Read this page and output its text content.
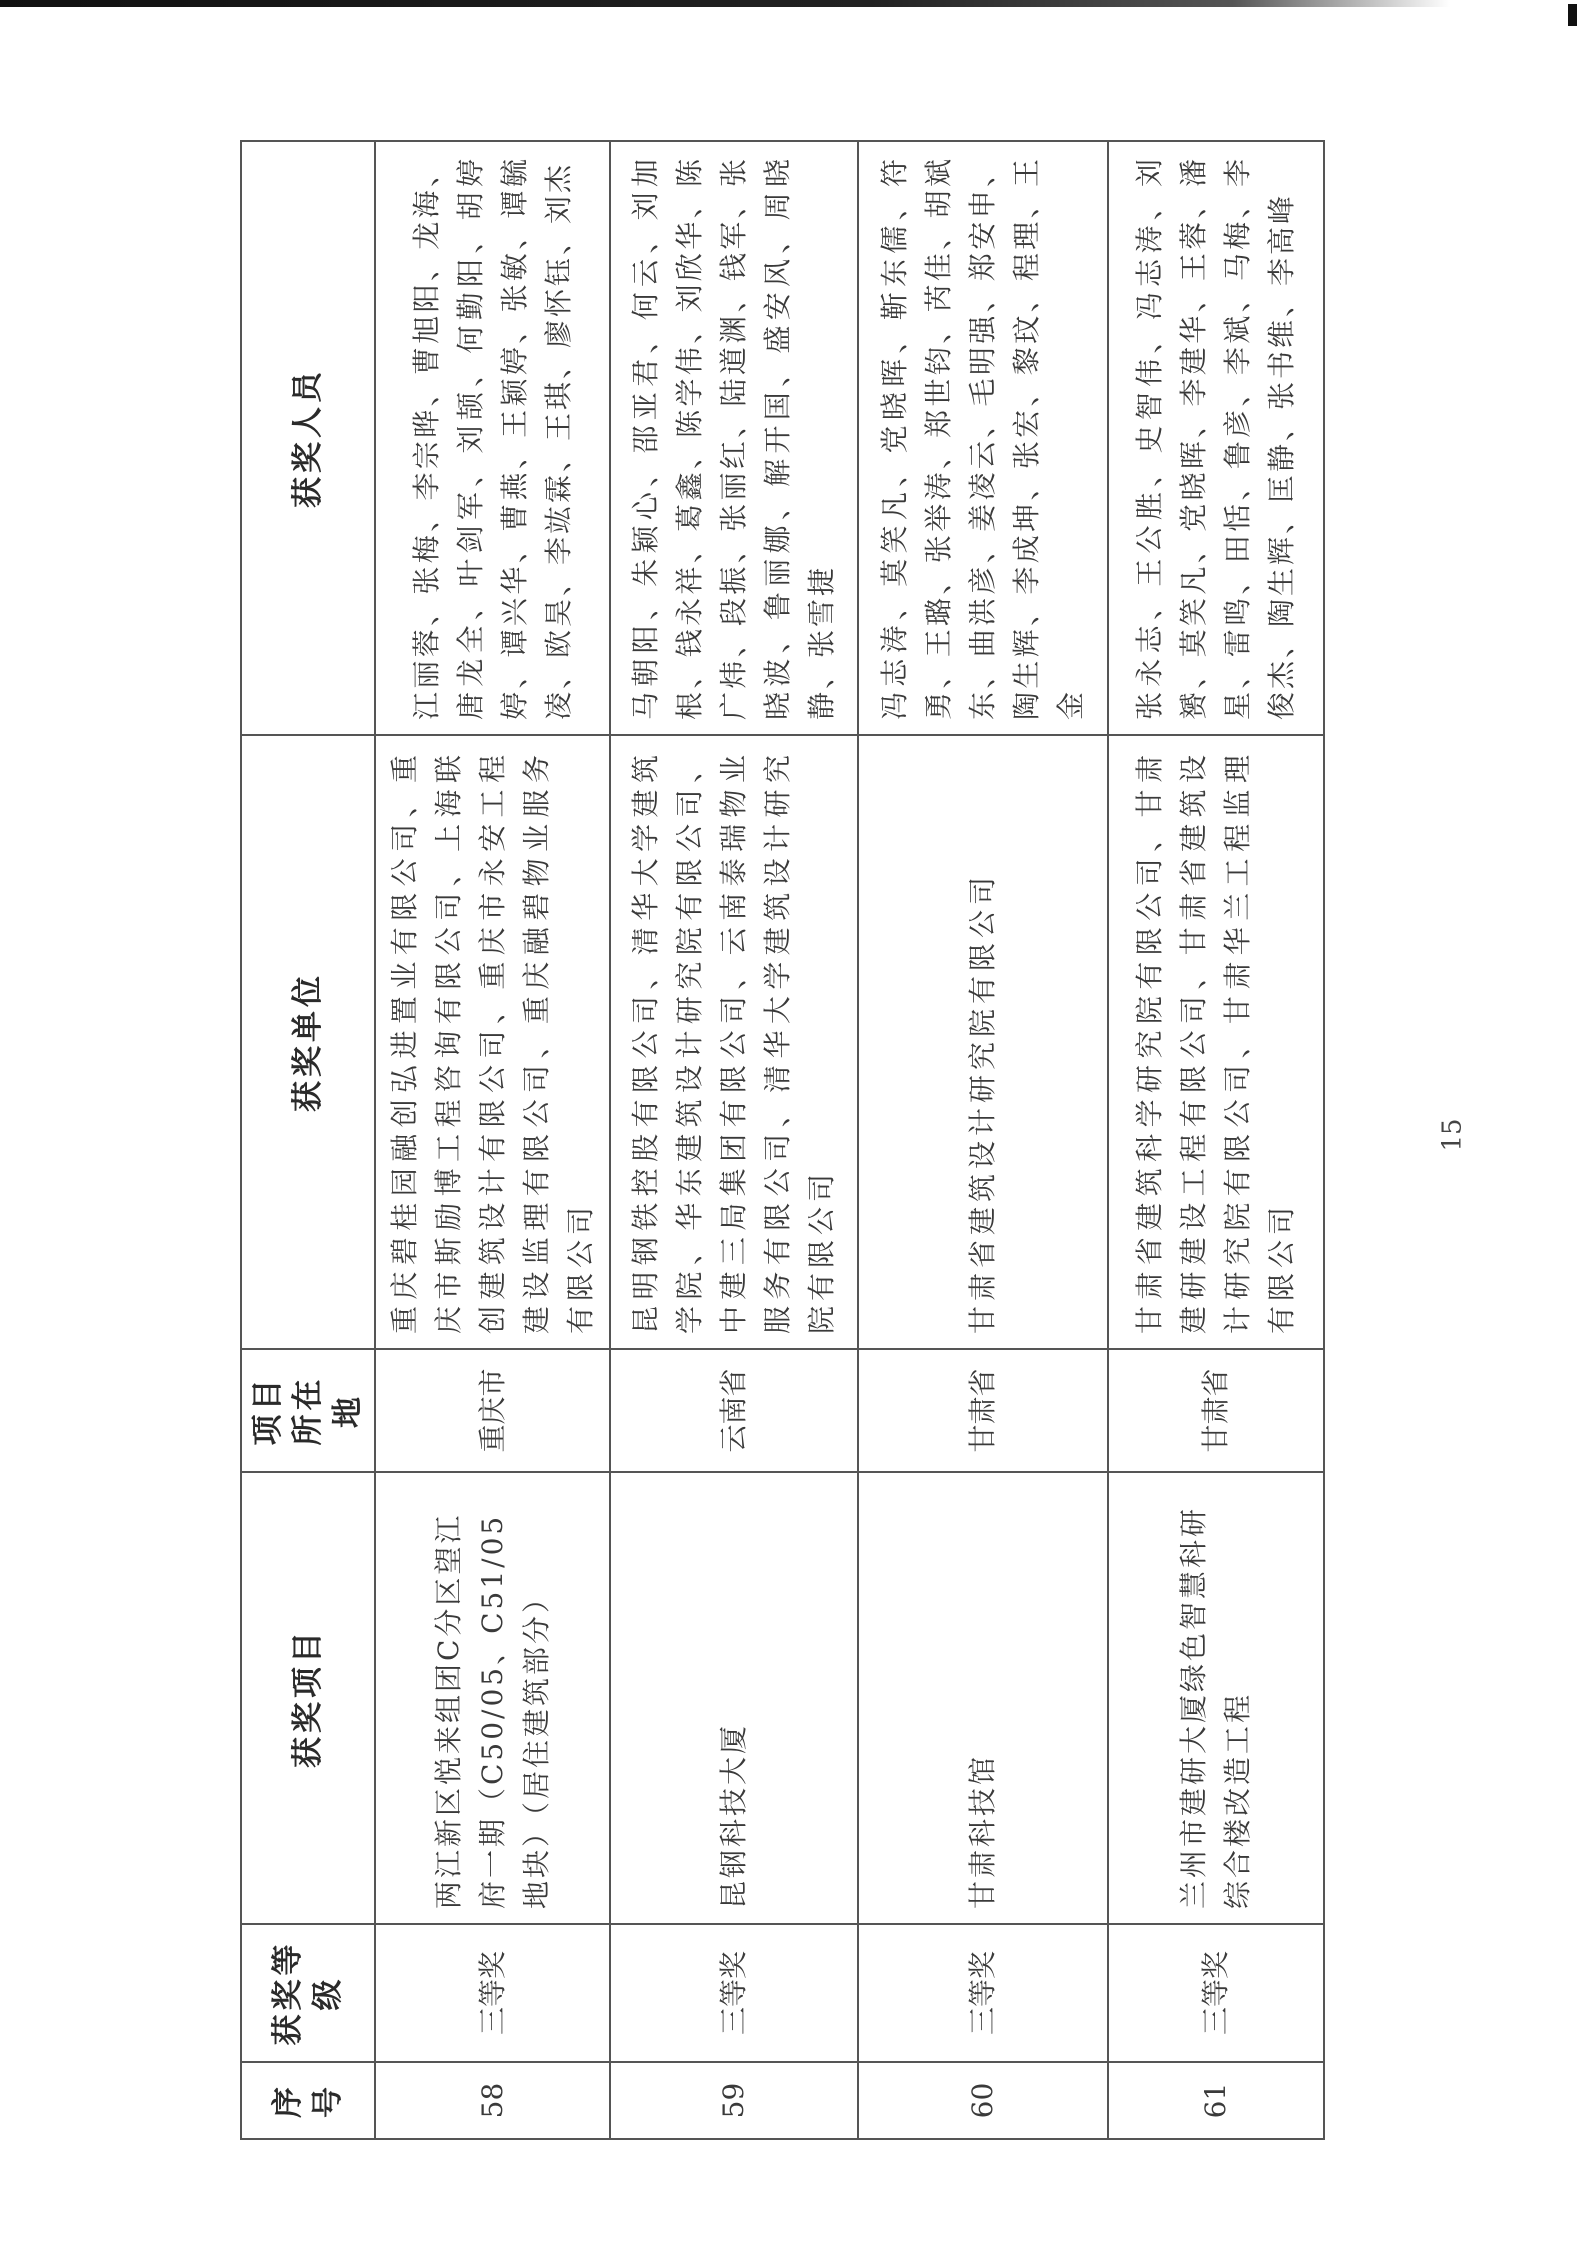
序号	获奖等级	获奖项目	项目所在地	获奖单位	获奖人员
58	三等奖	两江新区悦来组团C分区望江府一期（C50/05、C51/05地块）（居住建筑部分）	重庆市	重庆碧桂园融创弘进置业有限公司、重庆市斯励博工程咨询有限公司、上海联创建筑设计有限公司、重庆市永安工程建设监理有限公司、重庆融碧物业服务有限公司	江丽蓉、张梅、李宗晔、曹旭阳、龙海、唐龙全、叶剑军、刘颉、何勤阳、胡婷婷、谭兴华、曹燕、王颖婷、张敏、谭毓凌、欧昊、李竑霖、王琪、廖怀钰、刘杰
59	三等奖	昆钢科技大厦	云南省	昆明钢铁控股有限公司、清华大学建筑学院、华东建筑设计研究院有限公司、中建三局集团有限公司、云南泰瑞物业服务有限公司、清华大学建筑设计研究院有限公司	马朝阳、朱颖心、邵亚君、何云、刘加根、钱永祥、葛鑫、陈学伟、刘欣华、陈广炜、段振、张丽红、陆道渊、钱军、张晓波、鲁丽娜、解开国、盛安风、周晓静、张雪捷
60	三等奖	甘肃科技馆	甘肃省	甘肃省建筑设计研究院有限公司	冯志涛、莫笑凡、党晓晖、靳东儒、符勇、王璐、张举涛、郑世钧、芮佳、胡斌东、曲洪彦、姜凌云、毛明强、郑安申、陶生辉、李成坤、张宏、黎玟、程理、王金
61	三等奖	兰州市建研大厦绿色智慧科研综合楼改造工程	甘肃省	甘肃省建筑科学研究院有限公司、甘肃建研建设工程有限公司、甘肃省建筑设计研究院有限公司、甘肃华兰工程监理有限公司	张永志、王公胜、史智伟、冯志涛、刘赟、莫笑凡、党晓晖、李建华、王蓉、潘星、雷鸣、田恬、鲁彦、李斌、马梅、李俊杰、陶生辉、匡静、张书维、李高峰
15
